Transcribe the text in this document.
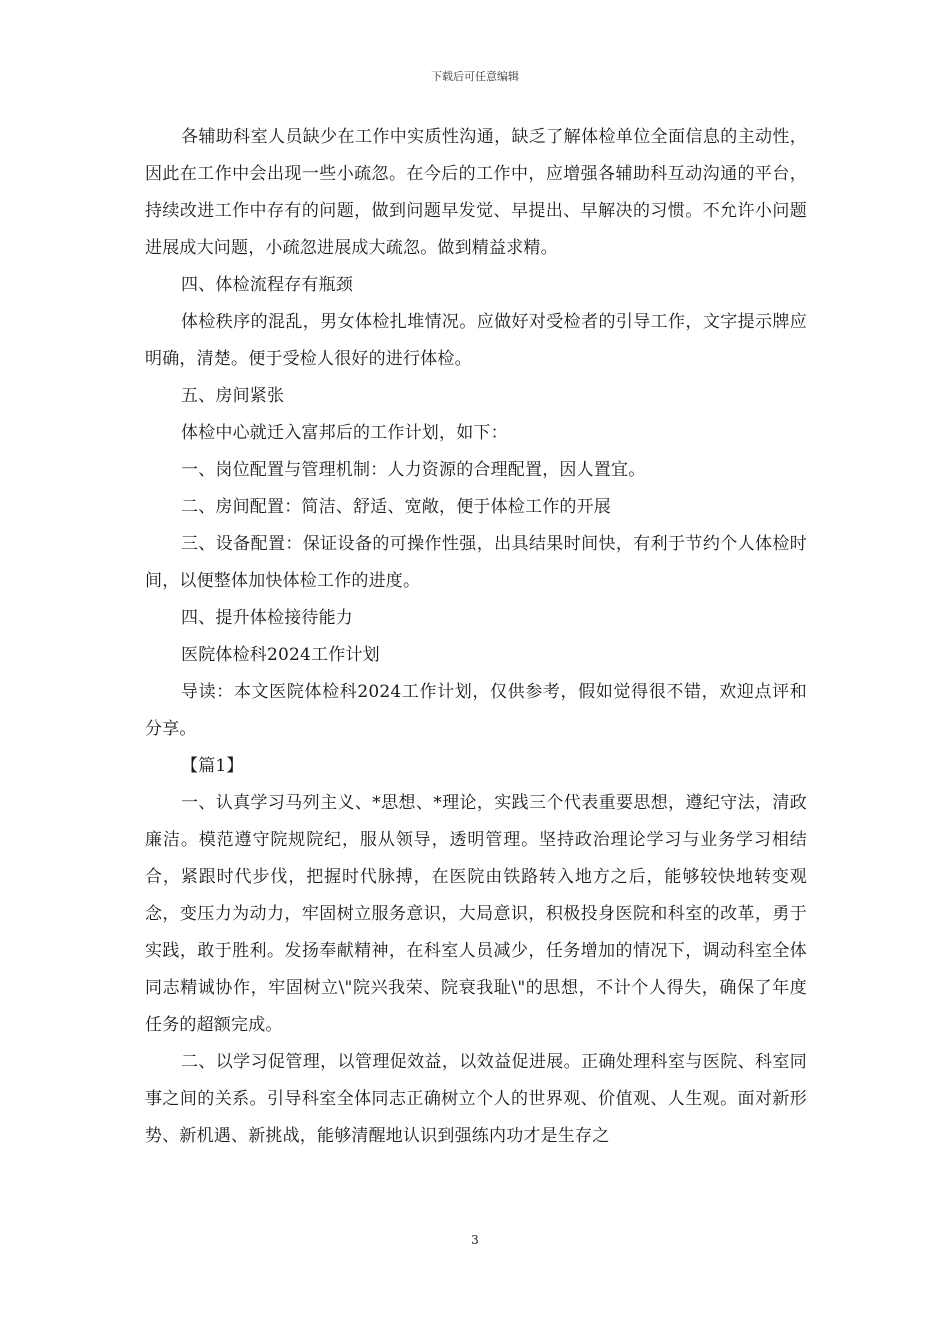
下载后可任意编辑

各辅助科室人员缺少在工作中实质性沟通，缺乏了解体检单位全面信息的主动性，因此在工作中会出现一些小疏忽。在今后的工作中，应增强各辅助科互动沟通的平台，持续改进工作中存有的问题，做到问题早发觉、早提出、早解决的习惯。不允许小问题进展成大问题，小疏忽进展成大疏忽。做到精益求精。

四、体检流程存有瓶颈

体检秩序的混乱，男女体检扎堆情况。应做好对受检者的引导工作，文字提示牌应明确，清楚。便于受检人很好的进行体检。

五、房间紧张

体检中心就迁入富邦后的工作计划，如下：

一、岗位配置与管理机制：人力资源的合理配置，因人置宜。

二、房间配置：简洁、舒适、宽敞，便于体检工作的开展

三、设备配置：保证设备的可操作性强，出具结果时间快，有利于节约个人体检时间，以便整体加快体检工作的进度。

四、提升体检接待能力

医院体检科2024工作计划

导读：本文医院体检科2024工作计划，仅供参考，假如觉得很不错，欢迎点评和分享。

【篇1】

一、认真学习马列主义、*思想、*理论，实践三个代表重要思想，遵纪守法，清政廉洁。模范遵守院规院纪，服从领导，透明管理。坚持政治理论学习与业务学习相结合，紧跟时代步伐，把握时代脉搏，在医院由铁路转入地方之后，能够较快地转变观念，变压力为动力，牢固树立服务意识，大局意识，积极投身医院和科室的改革，勇于实践，敢于胜利。发扬奉献精神，在科室人员减少，任务增加的情况下，调动科室全体同志精诚协作，牢固树立\"院兴我荣、院衰我耻\"的思想，不计个人得失，确保了年度任务的超额完成。

二、以学习促管理，以管理促效益，以效益促进展。正确处理科室与医院、科室同事之间的关系。引导科室全体同志正确树立个人的世界观、价值观、人生观。面对新形势、新机遇、新挑战，能够清醒地认识到强练内功才是生存之

3
